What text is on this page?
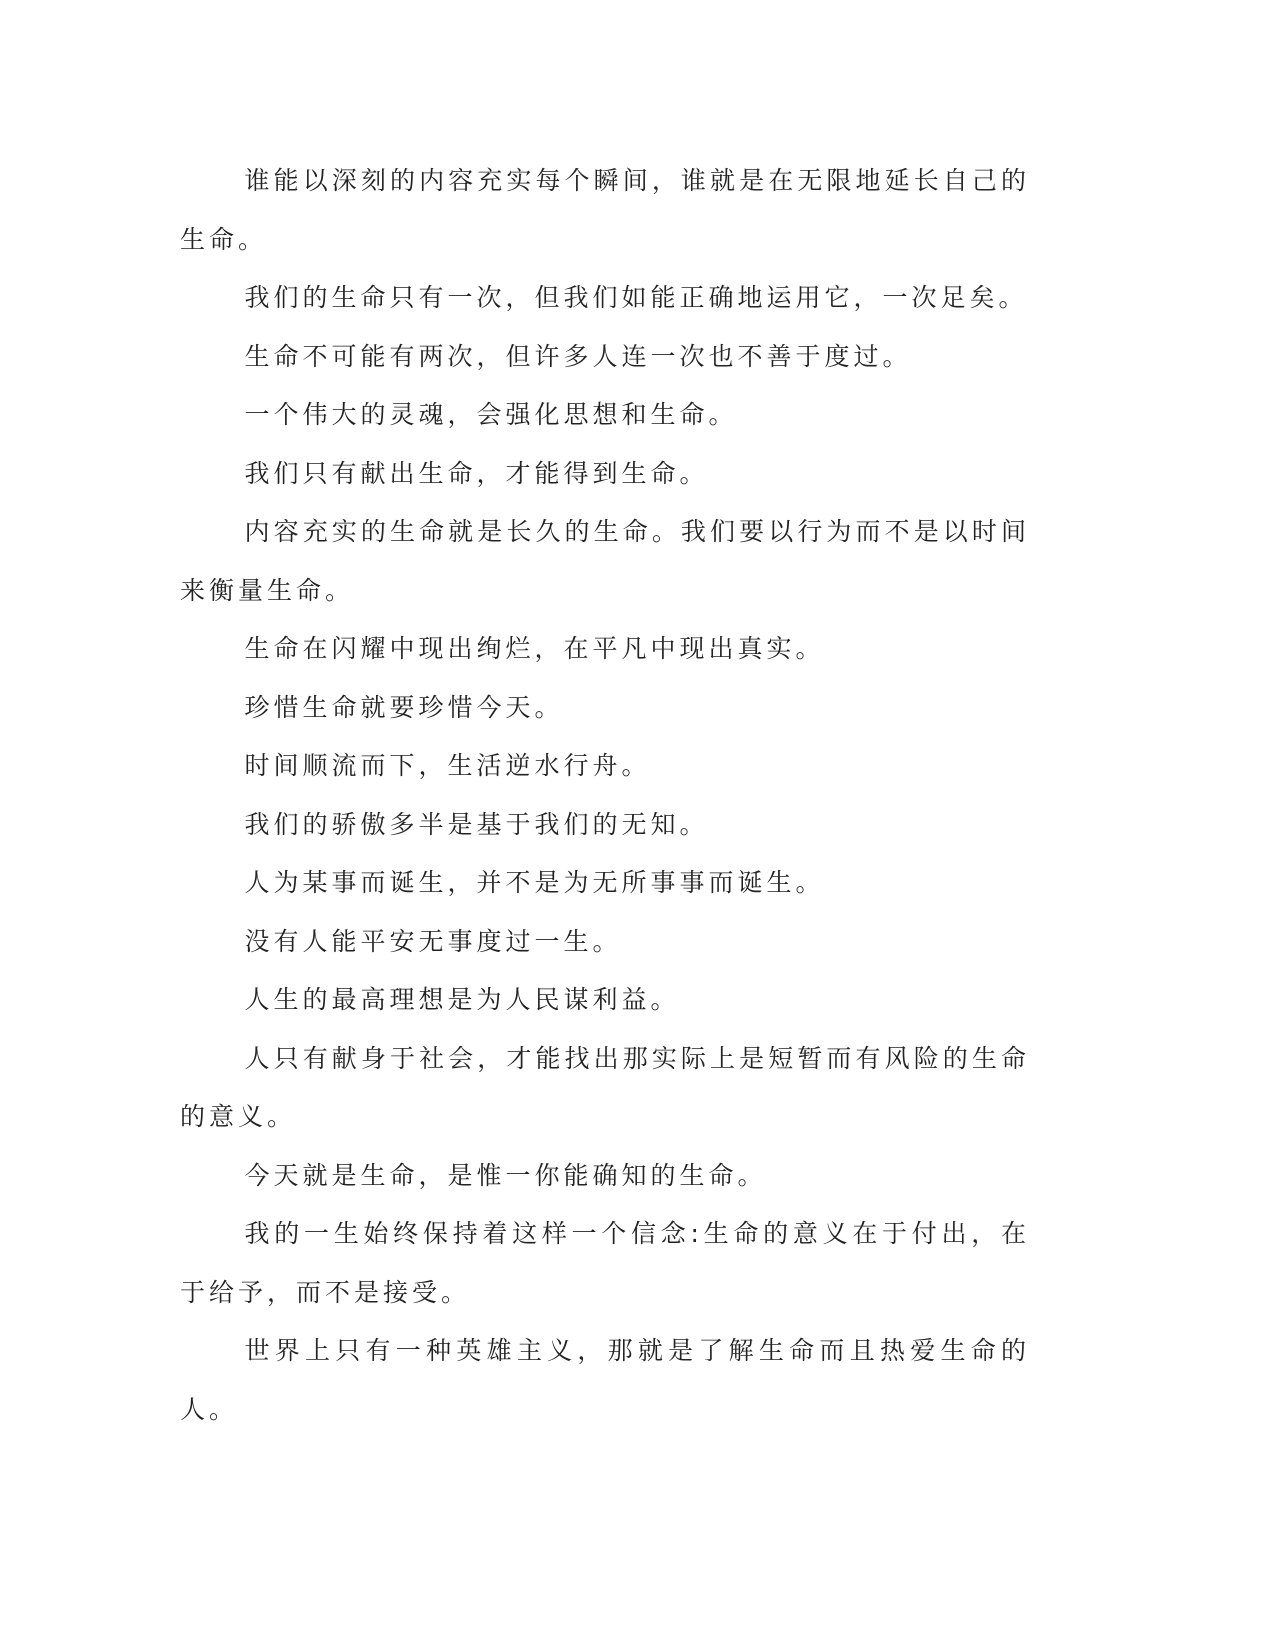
谁能以深刻的内容充实每个瞬间，谁就是在无限地延长自己的生命。

我们的生命只有一次，但我们如能正确地运用它，一次足矣。

生命不可能有两次，但许多人连一次也不善于度过。

一个伟大的灵魂，会强化思想和生命。

我们只有献出生命，才能得到生命。

内容充实的生命就是长久的生命。我们要以行为而不是以时间来衡量生命。

生命在闪耀中现出绚烂，在平凡中现出真实。

珍惜生命就要珍惜今天。

时间顺流而下，生活逆水行舟。

我们的骄傲多半是基于我们的无知。

人为某事而诞生，并不是为无所事事而诞生。

没有人能平安无事度过一生。

人生的最高理想是为人民谋利益。

人只有献身于社会，才能找出那实际上是短暂而有风险的生命的意义。

今天就是生命，是惟一你能确知的生命。

我的一生始终保持着这样一个信念:生命的意义在于付出，在于给予，而不是接受。

世界上只有一种英雄主义，那就是了解生命而且热爱生命的人。
